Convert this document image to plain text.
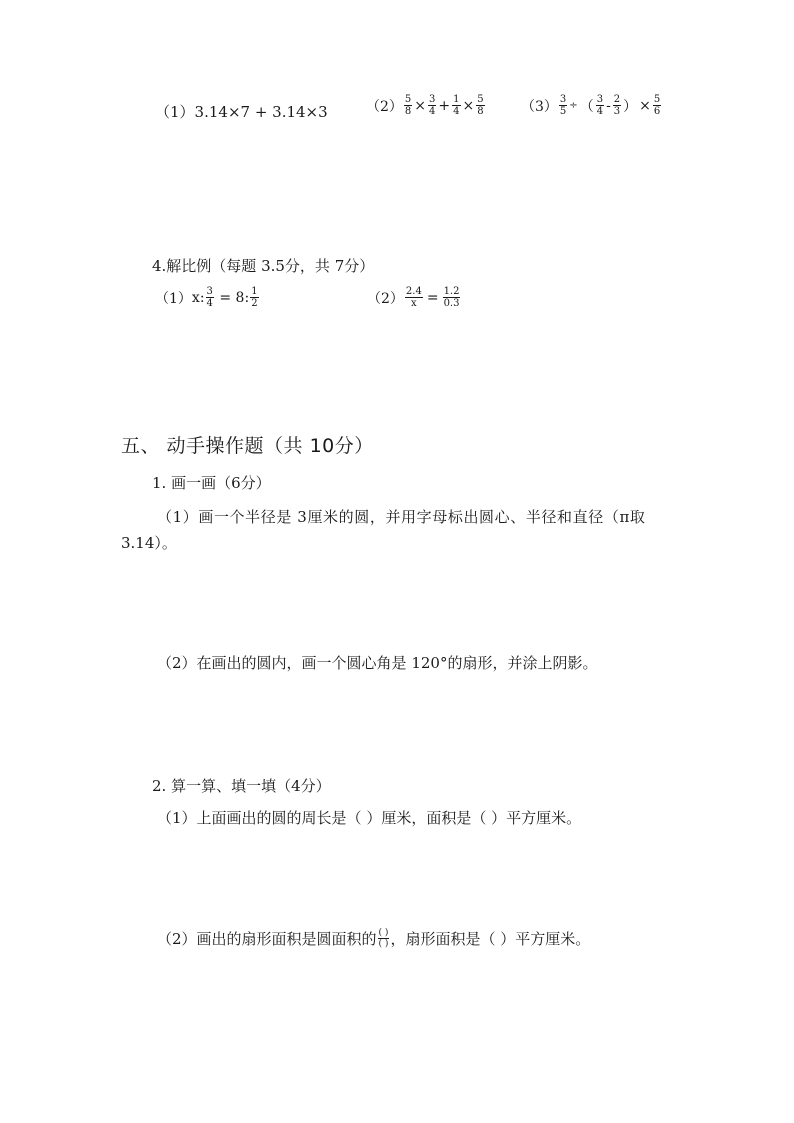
（1）3.14×7 + 3.14×3	$(2) \frac{5}{8} \times \frac{3}{4} + \frac{1}{4} \times \frac{5}{8}$	$(3) \frac{3}{5}$ ÷ （ $\frac{3}{4} - \frac{2}{3}$ ） × $\frac{5}{6}$
4.解比例（每题 3.5分，共 7分）
（1） x: $\frac{3}{4} = 8$: $\frac{1}{2}$	$(2) \frac{2.4}{x} = \frac{1.2}{0.3}$
五、 动手操作题（共 10分）
1. 画一画（6分）
（1）画一个半径是 3厘米的圆，并用字母标出圆心、半径和直径（π取
3.14）。
（2）在画出的圆内，画一个圆心角是 120°的扇形，并涂上阴影。
2. 算一算、填一填（4分）
（1）上面画出的圆的周长是（ ）厘米，面积是（ ）平方厘米。
（2）画出的扇形面积是圆面积的 $\frac{( )}{( )}$ ，扇形面积是（ ）平方厘米。
